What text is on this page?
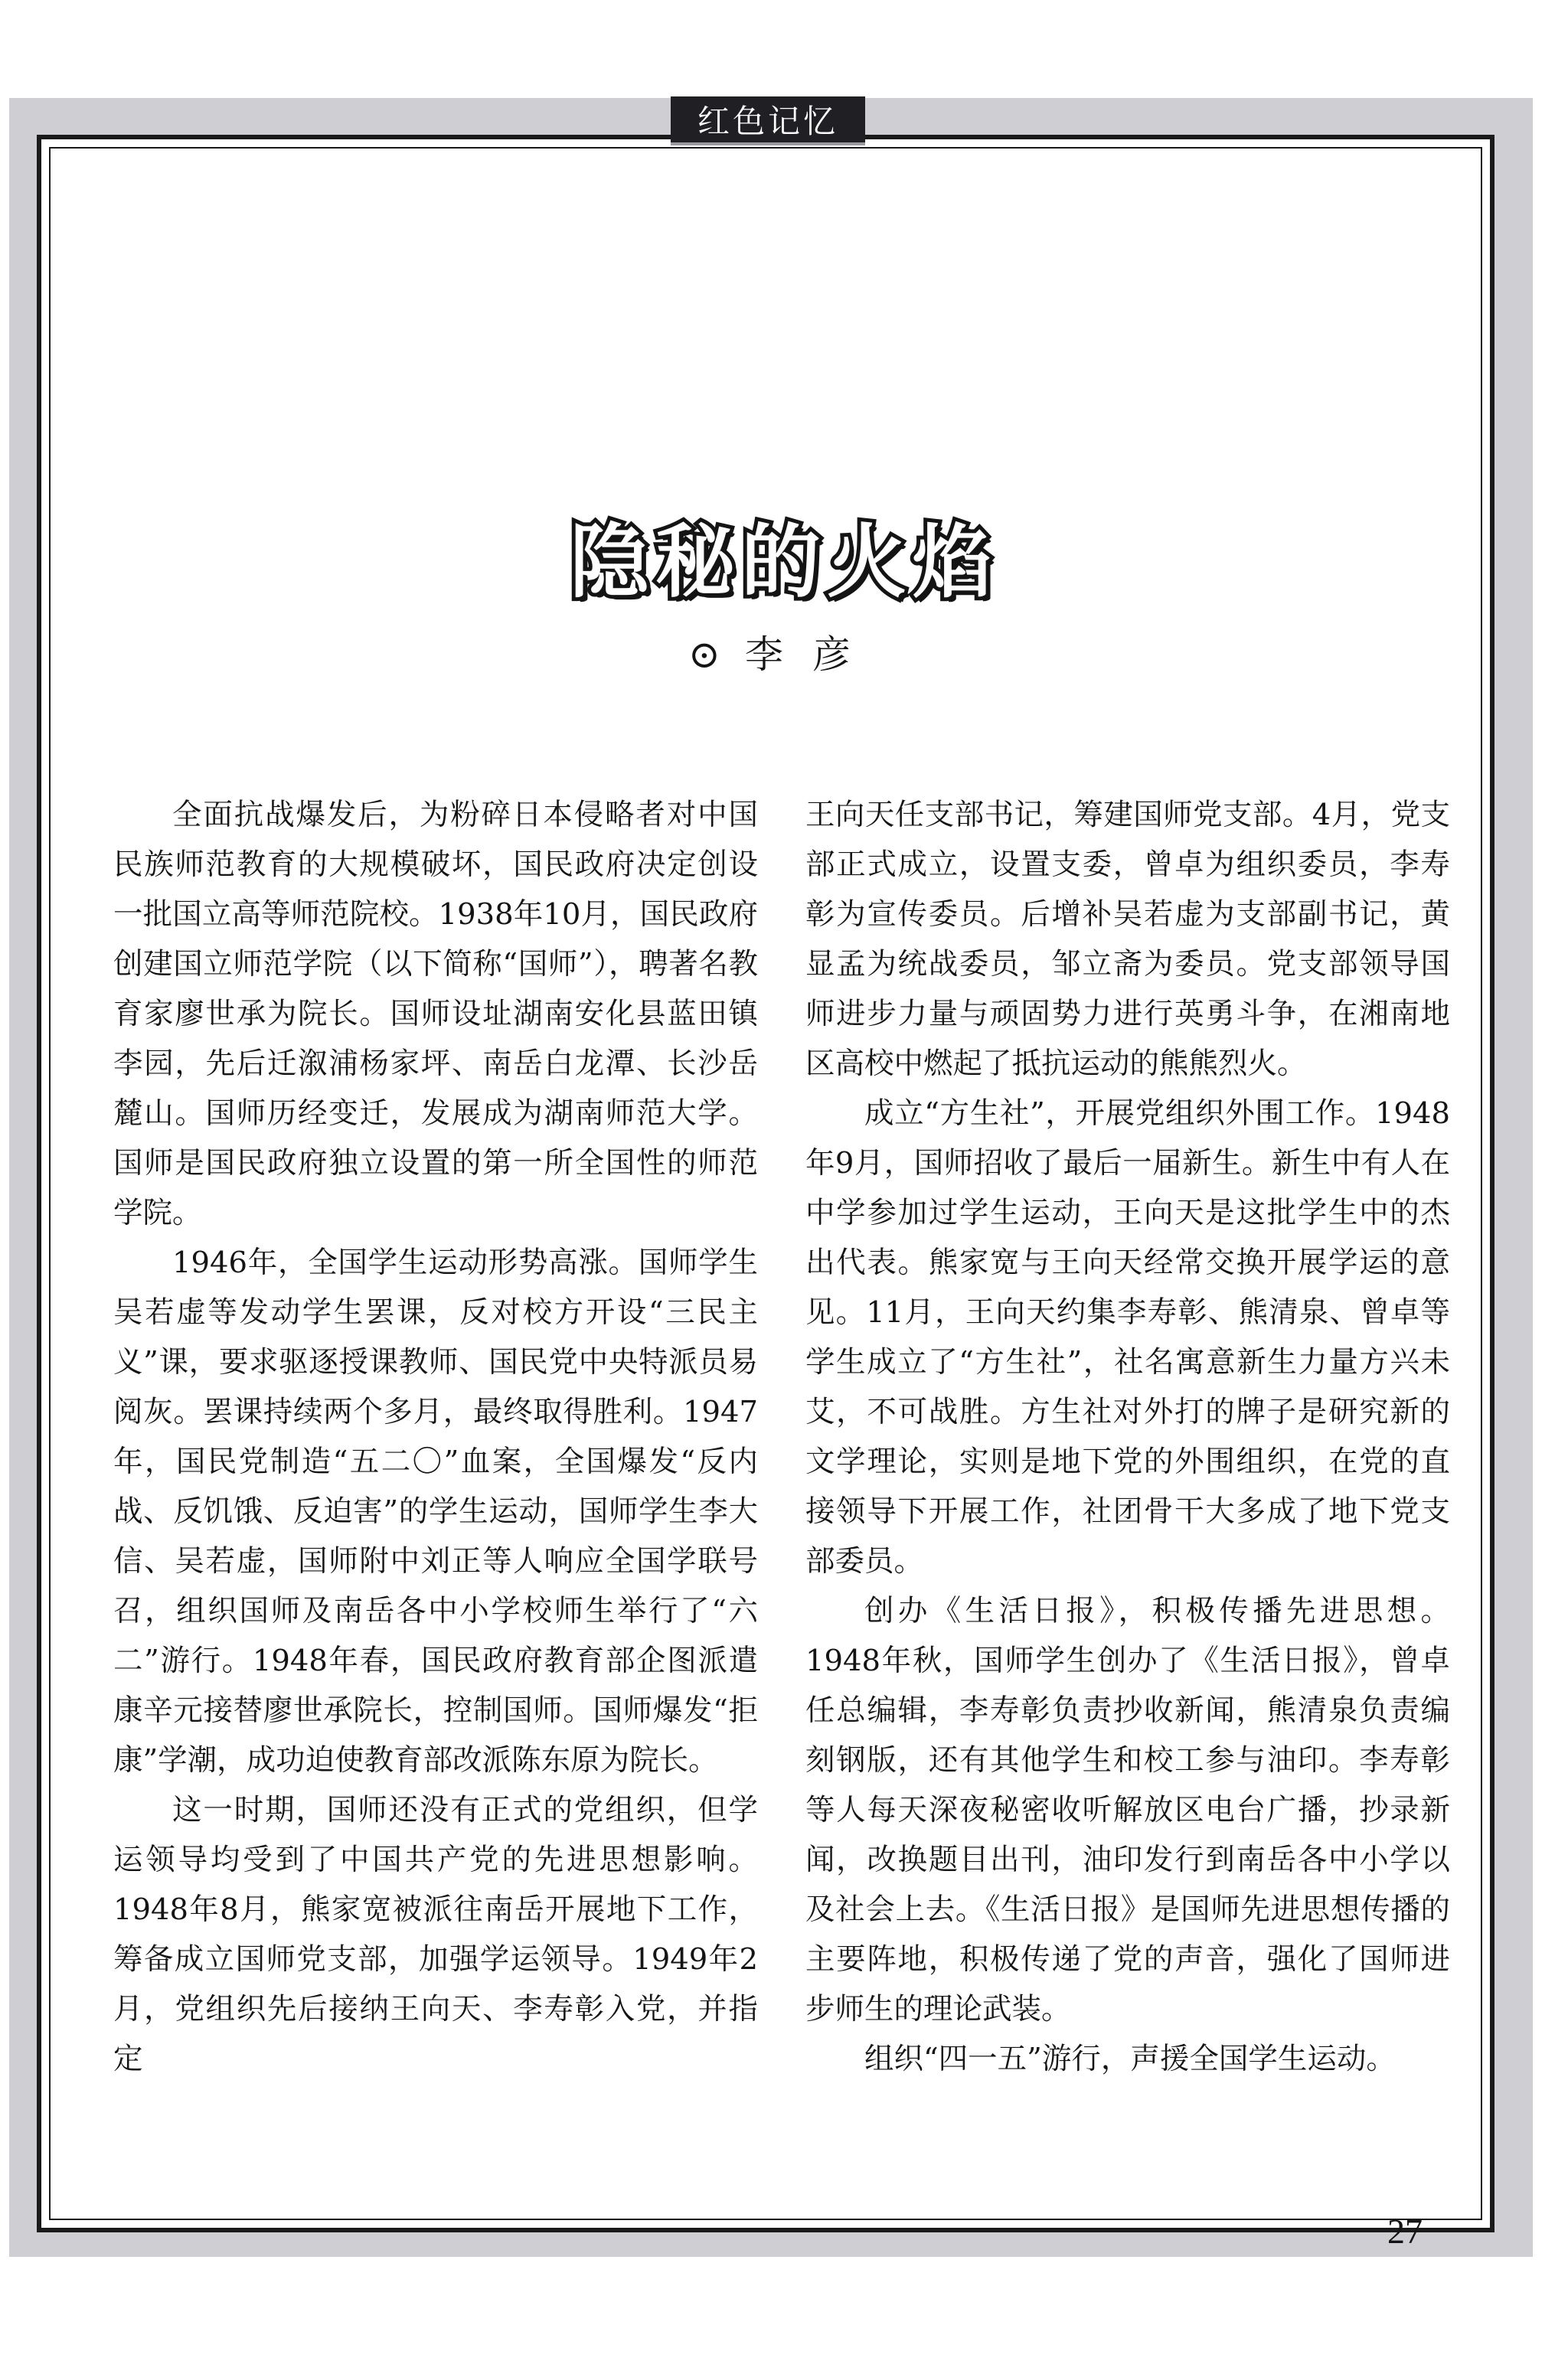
红色记忆
隐秘的火焰
⊙ 李彦

全面抗战爆发后，为粉碎日本侵略者对中国民族师范教育的大规模破坏，国民政府决定创设一批国立高等师范院校。1938年10月，国民政府创建国立师范学院（以下简称“国师”），聘著名教育家廖世承为院长。国师设址湖南安化县蓝田镇李园，先后迁溆浦杨家坪、南岳白龙潭、长沙岳麓山。国师历经变迁，发展成为湖南师范大学。国师是国民政府独立设置的第一所全国性的师范学院。

1946年，全国学生运动形势高涨。国师学生吴若虚等发动学生罢课，反对校方开设“三民主义”课，要求驱逐授课教师、国民党中央特派员易阅灰。罢课持续两个多月，最终取得胜利。1947年，国民党制造“五二〇”血案，全国爆发“反内战、反饥饿、反迫害”的学生运动，国师学生李大信、吴若虚，国师附中刘正等人响应全国学联号召，组织国师及南岳各中小学校师生举行了“六二”游行。1948年春，国民政府教育部企图派遣康辛元接替廖世承院长，控制国师。国师爆发“拒康”学潮，成功迫使教育部改派陈东原为院长。

这一时期，国师还没有正式的党组织，但学运领导均受到了中国共产党的先进思想影响。1948年8月，熊家宽被派往南岳开展地下工作，筹备成立国师党支部，加强学运领导。1949年2月，党组织先后接纳王向天、李寿彰入党，并指定

王向天任支部书记，筹建国师党支部。4月，党支部正式成立，设置支委，曾卓为组织委员，李寿彰为宣传委员。后增补吴若虚为支部副书记，黄显孟为统战委员，邹立斋为委员。党支部领导国师进步力量与顽固势力进行英勇斗争，在湘南地区高校中燃起了抵抗运动的熊熊烈火。

成立“方生社”，开展党组织外围工作。1948年9月，国师招收了最后一届新生。新生中有人在中学参加过学生运动，王向天是这批学生中的杰出代表。熊家宽与王向天经常交换开展学运的意见。11月，王向天约集李寿彰、熊清泉、曾卓等学生成立了“方生社”，社名寓意新生力量方兴未艾，不可战胜。方生社对外打的牌子是研究新的文学理论，实则是地下党的外围组织，在党的直接领导下开展工作，社团骨干大多成了地下党支部委员。

创办《生活日报》，积极传播先进思想。1948年秋，国师学生创办了《生活日报》，曾卓任总编辑，李寿彰负责抄收新闻，熊清泉负责编刻钢版，还有其他学生和校工参与油印。李寿彰等人每天深夜秘密收听解放区电台广播，抄录新闻，改换题目出刊，油印发行到南岳各中小学以及社会上去。《生活日报》是国师先进思想传播的主要阵地，积极传递了党的声音，强化了国师进步师生的理论武装。

组织“四一五”游行，声援全国学生运动。

27
